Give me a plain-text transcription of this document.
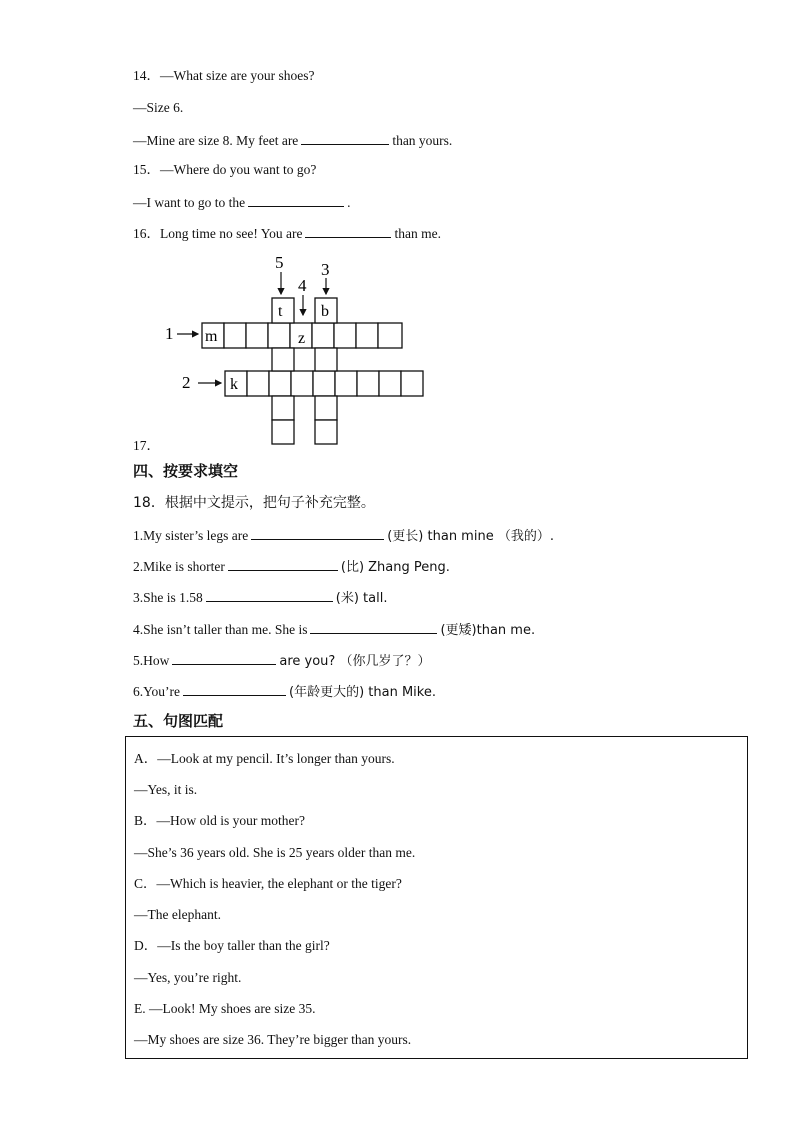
14．—What size are your shoes?
—Size 6.
—Mine are size 8. My feet are	than yours.
15．—Where do you want to go?
—I want to go to the	.
16．Long time no see! You are	than me.
5
4
3
1
2
t b
m	z
k
17．
四、按要求填空
18．根据中文提示，把句子补充完整。
1.My sister’s legs are	(更长) than mine （我的）.
2.Mike is shorter	(比) Zhang Peng.
3.She is 1.58	(米) tall.
4.She isn’t taller than me. She is	(更矮)than me.
5.How	are you? （你几岁了？）
6.You’re	(年龄更大的) than Mike.
五、句图匹配
A．—Look at my pencil. It’s longer than yours.
—Yes, it is.
B．—How old is your mother?
—She’s 36 years old. She is 25 years older than me.
C．—Which is heavier, the elephant or the tiger?
—The elephant.
D．—Is the boy taller than the girl?
—Yes, you’re right.
E. —Look! My shoes are size 35.
—My shoes are size 36. They’re bigger than yours.
